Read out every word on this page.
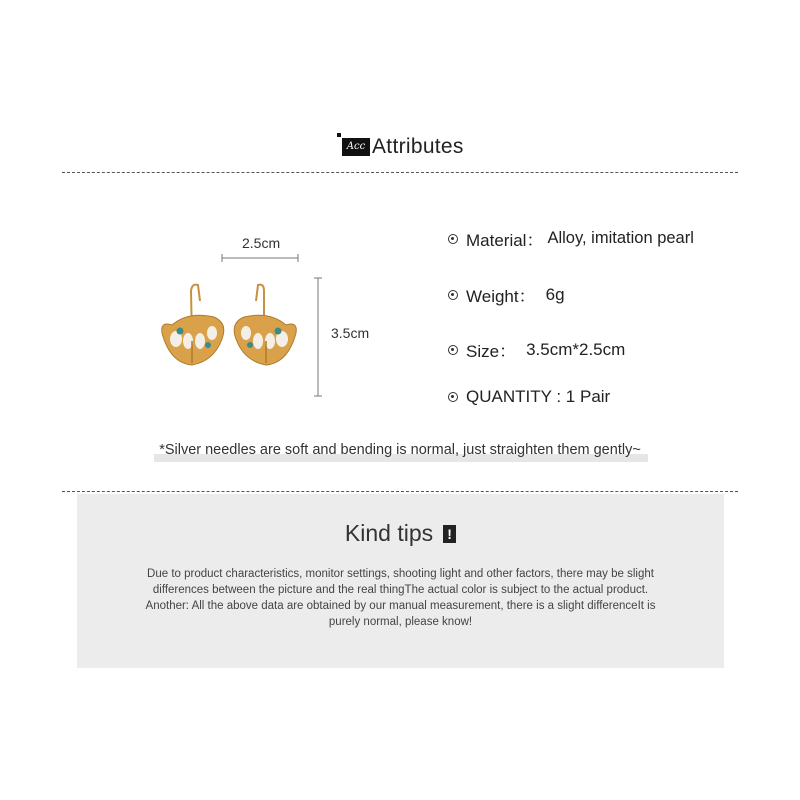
Acc Attributes
2.5cm
3.5cm
Material： Alloy, imitation pearl
Weight： 6g
Size： 3.5cm*2.5cm
QUANTITY : 1 Pair
*Silver needles are soft and bending is normal, just straighten them gently~
Kind tips !
Due to product characteristics, monitor settings, shooting light and other factors, there may be slight
differences between the picture and the real thingThe actual color is subject to the actual product.
Another: All the above data are obtained by our manual measurement, there is a slight differenceIt is
purely normal, please know!
